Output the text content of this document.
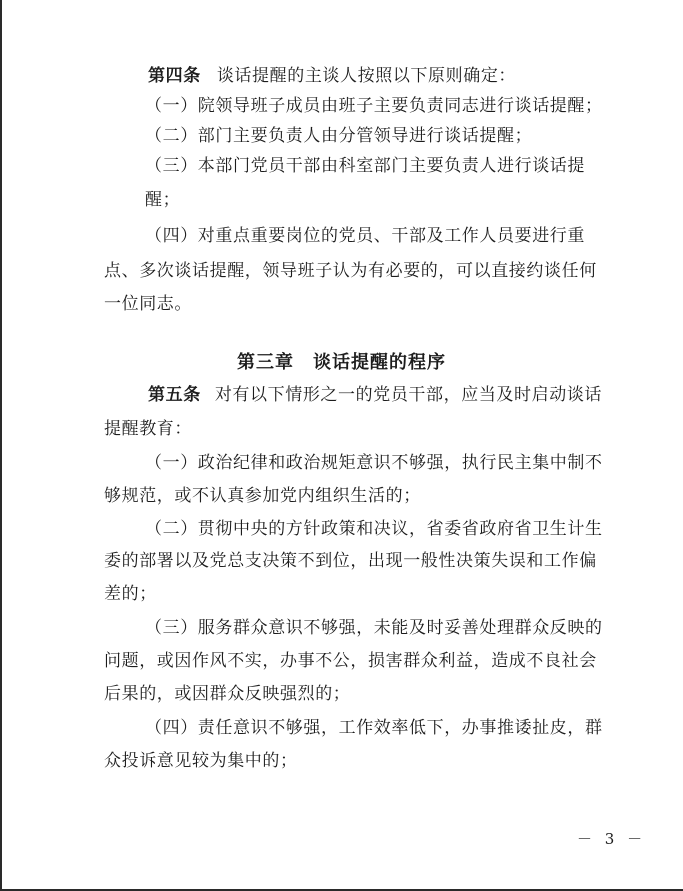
第四条 谈话提醒的主谈人按照以下原则确定：
（一）院领导班子成员由班子主要负责同志进行谈话提醒；
（二）部门主要负责人由分管领导进行谈话提醒；
（三）本部门党员干部由科室部门主要负责人进行谈话提
醒；
（四）对重点重要岗位的党员、干部及工作人员要进行重
点、多次谈话提醒，领导班子认为有必要的，可以直接约谈任何
一位同志。
第三章　谈话提醒的程序
第五条 对有以下情形之一的党员干部，应当及时启动谈话
提醒教育：
（一）政治纪律和政治规矩意识不够强，执行民主集中制不
够规范，或不认真参加党内组织生活的；
（二）贯彻中央的方针政策和决议，省委省政府省卫生计生
委的部署以及党总支决策不到位，出现一般性决策失误和工作偏
差的；
（三）服务群众意识不够强，未能及时妥善处理群众反映的
问题，或因作风不实，办事不公，损害群众利益，造成不良社会
后果的，或因群众反映强烈的；
（四）责任意识不够强，工作效率低下，办事推诿扯皮，群
众投诉意见较为集中的；
－ 3 －
